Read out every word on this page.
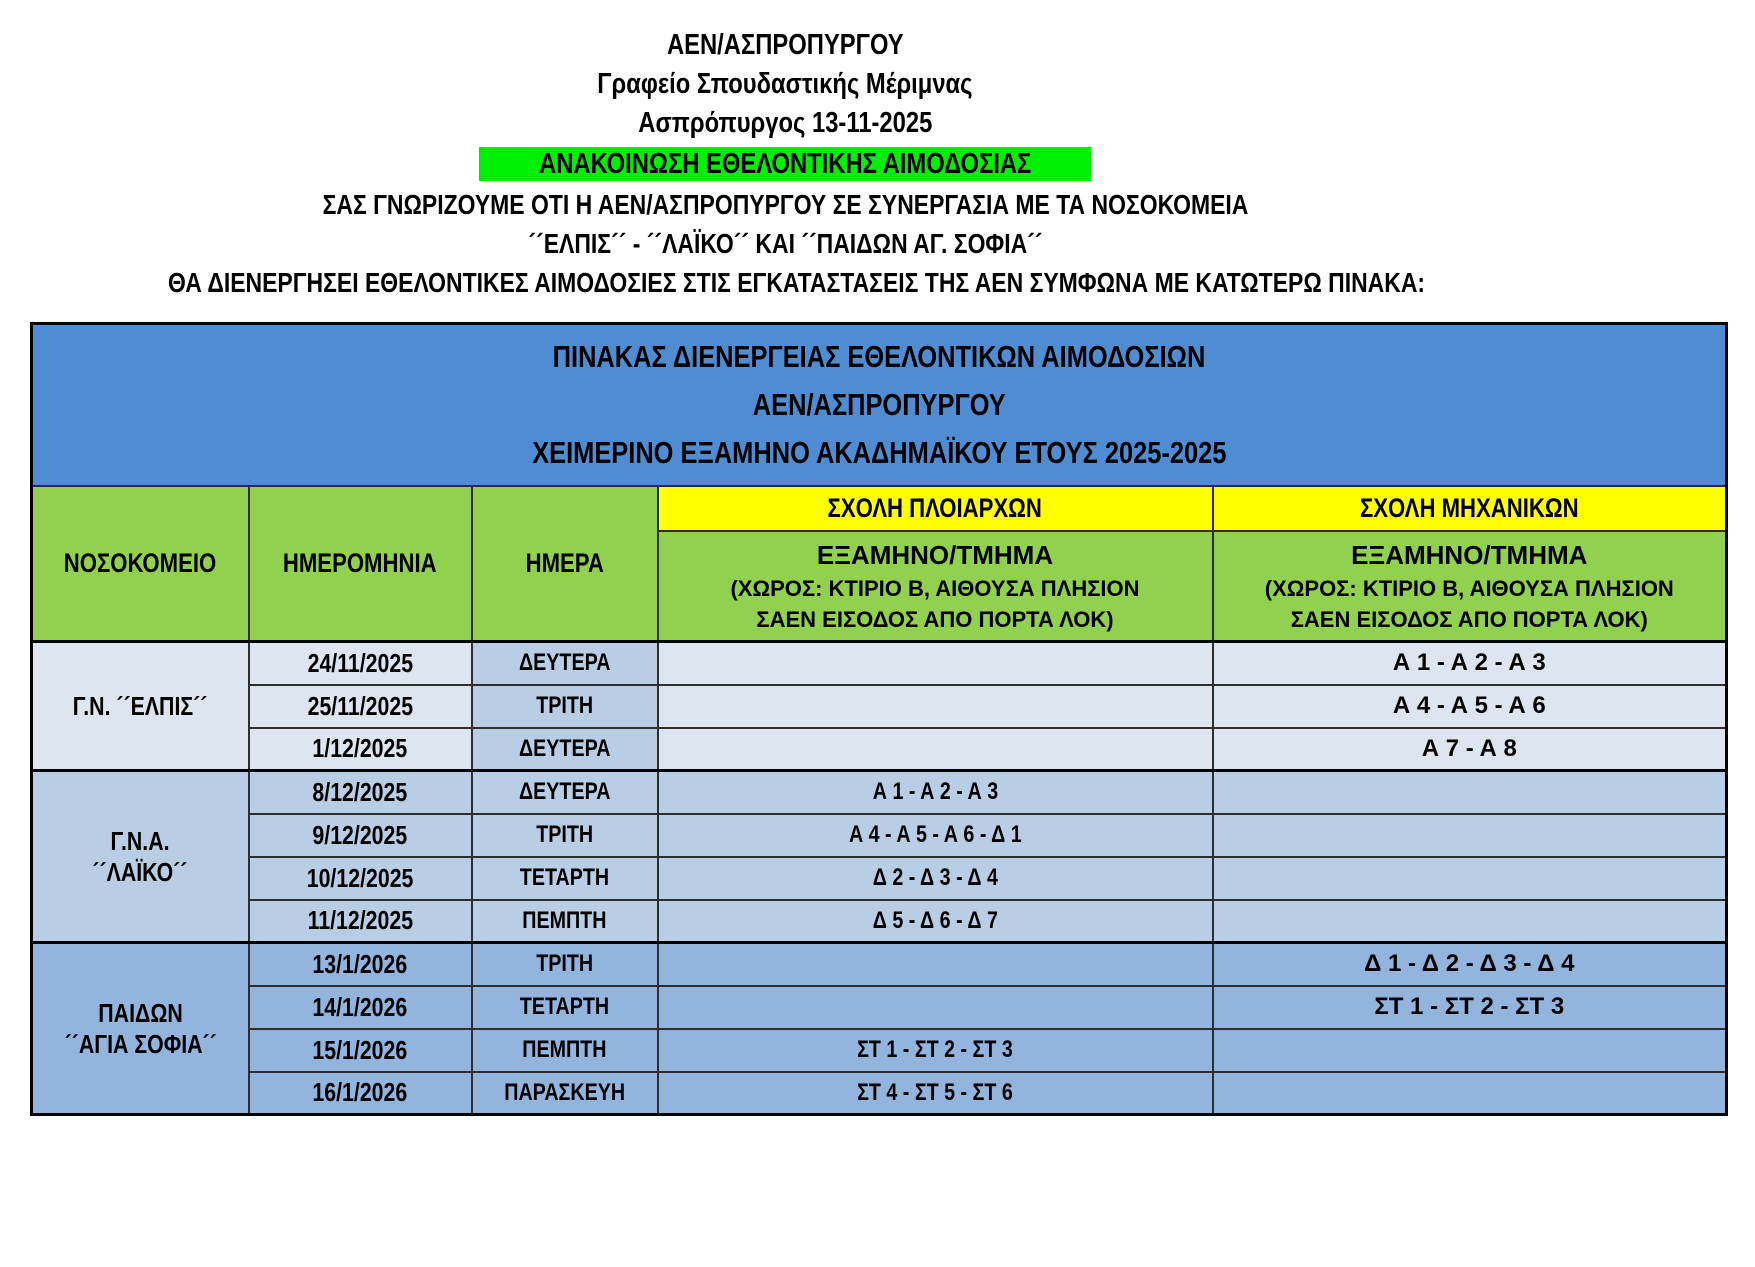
ΑΕΝ/ΑΣΠΡΟΠΥΡΓΟΥ
Γραφείο Σπουδαστικής Μέριμνας
Ασπρόπυργος 13-11-2025
ΑΝΑΚΟΙΝΩΣΗ ΕΘΕΛΟΝΤΙΚΗΣ ΑΙΜΟΔΟΣΙΑΣ
ΣΑΣ ΓΝΩΡΙΖΟΥΜΕ ΟΤΙ Η ΑΕΝ/ΑΣΠΡΟΠΥΡΓΟΥ ΣΕ ΣΥΝΕΡΓΑΣΙΑ ΜΕ ΤΑ ΝΟΣΟΚΟΜΕΙΑ
´´ΕΛΠΙΣ´´ - ´´ΛΑΪΚΟ´´ ΚΑΙ ´´ΠΑΙΔΩΝ ΑΓ. ΣΟΦΙΑ´´
ΘΑ ΔΙΕΝΕΡΓΗΣΕΙ ΕΘΕΛΟΝΤΙΚΕΣ ΑΙΜΟΔΟΣΙΕΣ ΣΤΙΣ ΕΓΚΑΤΑΣΤΑΣΕΙΣ ΤΗΣ ΑΕΝ ΣΥΜΦΩΝΑ ΜΕ ΚΑΤΩΤΕΡΩ ΠΙΝΑΚΑ:
ΠΙΝΑΚΑΣ ΔΙΕΝΕΡΓΕΙΑΣ ΕΘΕΛΟΝΤΙΚΩΝ ΑΙΜΟΔΟΣΙΩΝ
ΑΕΝ/ΑΣΠΡΟΠΥΡΓΟΥ
ΧΕΙΜΕΡΙΝΟ ΕΞΑΜΗΝΟ ΑΚΑΔΗΜΑΪΚΟΥ ΕΤΟΥΣ 2025-2025				

ΝΟΣΟΚΟΜΕΙΟ	ΗΜΕΡΟΜΗΝΙΑ	ΗΜΕΡΑ	ΣΧΟΛΗ ΠΛΟΙΑΡΧΩΝ	ΣΧΟΛΗ ΜΗΧΑΝΙΚΩΝ

ΕΞΑΜΗΝΟ/ΤΜΗΜΑ
(ΧΩΡΟΣ: ΚΤΙΡΙΟ Β, ΑΙΘΟΥΣΑ ΠΛΗΣΙΟΝ
ΣΑΕΝ ΕΙΣΟΔΟΣ ΑΠΟ ΠΟΡΤΑ ΛΟΚ)

ΕΞΑΜΗΝΟ/ΤΜΗΜΑ
(ΧΩΡΟΣ: ΚΤΙΡΙΟ Β, ΑΙΘΟΥΣΑ ΠΛΗΣΙΟΝ
ΣΑΕΝ ΕΙΣΟΔΟΣ ΑΠΟ ΠΟΡΤΑ ΛΟΚ)

Γ.Ν. ´´ΕΛΠΙΣ´´	24/11/2025	ΔΕΥΤΕΡΑ		Α 1 - Α 2 - Α 3
	25/11/2025	ΤΡΙΤΗ		Α 4 - Α 5 - Α 6
	1/12/2025	ΔΕΥΤΕΡΑ		Α 7 - Α 8

Γ.Ν.Α.
´´ΛΑΪΚΟ´´	8/12/2025	ΔΕΥΤΕΡΑ	Α 1 - Α 2 - Α 3	
	9/12/2025	ΤΡΙΤΗ	Α 4 - Α 5 - Α 6 - Δ 1	
	10/12/2025	ΤΕΤΑΡΤΗ	Δ 2 - Δ 3 - Δ 4	
	11/12/2025	ΠΕΜΠΤΗ	Δ 5 - Δ 6 - Δ 7	

ΠΑΙΔΩΝ
´´ΑΓΙΑ ΣΟΦΙΑ´´	13/1/2026	ΤΡΙΤΗ		Δ 1 - Δ 2 - Δ 3 - Δ 4
	14/1/2026	ΤΕΤΑΡΤΗ		ΣΤ 1 - ΣΤ 2 - ΣΤ 3
	15/1/2026	ΠΕΜΠΤΗ	ΣΤ 1 - ΣΤ 2 - ΣΤ 3	
	16/1/2026	ΠΑΡΑΣΚΕΥΗ	ΣΤ 4 - ΣΤ 5 - ΣΤ 6	
